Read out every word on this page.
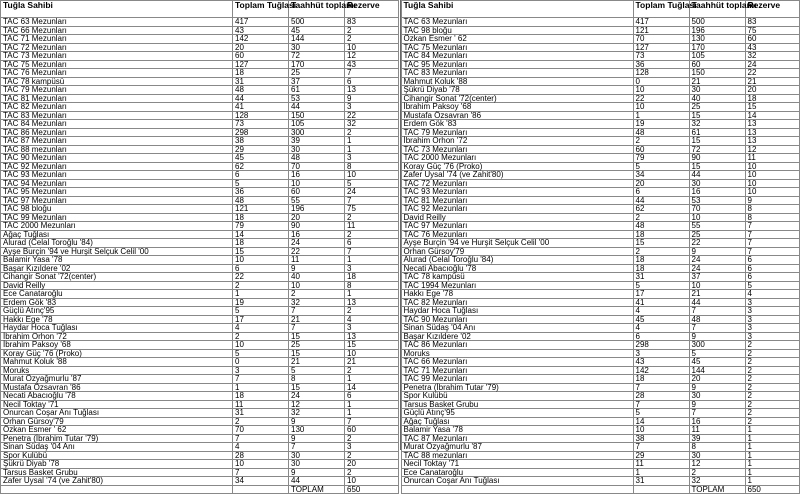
Tuğla Sahibi	Toplam Tuğlası	Taahhüt toplamı	Rezerve
TAC 63 Mezunları	417	500	83
TAC 66 Mezunları	43	45	2
TAC 71 Mezunları	142	144	2
TAC 72 Mezunları	20	30	10
TAC 73 Mezunları	60	72	12
TAC 75 Mezunları	127	170	43
TAC 76 Mezunları	18	25	7
TAC 78 kampüsü	31	37	6
TAC 79 Mezunları	48	61	13
TAC 81 Mezunları	44	53	9
TAC 82 Mezunları	41	44	3
TAC 83 Mezunları	128	150	22
TAC 84 Mezunları	73	105	32
TAC 86 Mezunları	298	300	2
TAC 87 Mezunları	38	39	1
TAC 88 mezunları	29	30	1
TAC 90 Mezunları	45	48	3
TAC 92 Mezunları	62	70	8
TAC 93 Mezunları	6	16	10
TAC 94 Mezunları	5	10	5
TAC 95 Mezunları	36	60	24
TAC 97 Mezunları	48	55	7
TAC 98 bloğu	121	196	75
TAC 99 Mezunları	18	20	2
TAC 2000 Mezunları	79	90	11
Ağaç Tuğlası	14	16	2
Alurad (Celal Toroğlu '84)	18	24	6
Ayşe Burçin '94 ve Hurşit Selçuk Celil '00	15	22	7
Balamir Yasa '78	10	11	1
Başar Kızıldere '02	6	9	3
Cihangir Sonat '72(center)	22	40	18
David Reilly	2	10	8
Ece Canataroğlu	1	2	1
Erdem Gök '83	19	32	13
Güçlü Atınç'95	5	7	2
Hakkı Ege '78	17	21	4
Haydar Hoca Tuğlası	4	7	3
İbrahim Orhon '72	2	15	13
İbrahim Paksoy '68	10	25	15
Koray Güç '76 (Proko)	5	15	10
Mahmut Koluk '88	0	21	21
Moruks	3	5	2
Murat Özyağmurlu '87	7	8	1
Mustafa Özsavran '86	1	15	14
Necati Abacıoğlu '78	18	24	6
Necil Toktay '71	11	12	1
Onurcan Coşar Anı Tuğlası	31	32	1
Orhan Gürsoy'79	2	9	7
Özkan Esmer ' 62	70	130	60
Penetra (İbrahim Tutar '79)	7	9	2
Sinan Südaş '04 Anı	4	7	3
Spor Kulübü	28	30	2
Şükrü Diyab '78	10	30	20
Tarsus Basket Grubu	7	9	2
Zafer Uysal '74 (ve Zahit'80)	34	44	10
		TOPLAM	650
Tuğla Sahibi	Toplam Tuğlası	Taahhüt toplamı	Rezerve
TAC 63 Mezunları	417	500	83
TAC 98 bloğu	121	196	75
Özkan Esmer ' 62	70	130	60
TAC 75 Mezunları	127	170	43
TAC 84 Mezunları	73	105	32
TAC 95 Mezunları	36	60	24
TAC 83 Mezunları	128	150	22
Mahmut Koluk '88	0	21	21
Şükrü Diyab '78	10	30	20
Cihangir Sonat '72(center)	22	40	18
İbrahim Paksoy '68	10	25	15
Mustafa Özsavran '86	1	15	14
Erdem Gök '83	19	32	13
TAC 79 Mezunları	48	61	13
İbrahim Orhon '72	2	15	13
TAC 73 Mezunları	60	72	12
TAC 2000 Mezunları	79	90	11
Koray Güç '76 (Proko)	5	15	10
Zafer Uysal '74 (ve Zahit'80)	34	44	10
TAC 72 Mezunları	20	30	10
TAC 93 Mezunları	6	16	10
TAC 81 Mezunları	44	53	9
TAC 92 Mezunları	62	70	8
David Reilly	2	10	8
TAC 97 Mezunları	48	55	7
TAC 76 Mezunları	18	25	7
Ayşe Burçin '94 ve Hurşit Selçuk Celil '00	15	22	7
Orhan Gürsoy'79	2	9	7
Alurad (Celal Toroğlu '84)	18	24	6
Necati Abacıoğlu '78	18	24	6
TAC 78 kampüsü	31	37	6
TAC 1994 Mezunları	5	10	5
Hakkı Ege '78	17	21	4
TAC 82 Mezunları	41	44	3
Haydar Hoca Tuğlası	4	7	3
TAC 90 Mezunları	45	48	3
Sinan Südaş '04 Anı	4	7	3
Başar Kızıldere '02	6	9	3
TAC 86 Mezunları	298	300	2
Moruks	3	5	2
TAC 66 Mezunları	43	45	2
TAC 71 Mezunları	142	144	2
TAC 99 Mezunları	18	20	2
Penetra (İbrahim Tutar '79)	7	9	2
Spor Kulübü	28	30	2
Tarsus Basket Grubu	7	9	2
Güçlü Atınç'95	5	7	2
Ağaç Tuğlası	14	16	2
Balamir Yasa '78	10	11	1
TAC 87 Mezunları	38	39	1
Murat Özyağmurlu '87	7	8	1
TAC 88 mezunları	29	30	1
Necil Toktay '71	11	12	1
Ece Canataroğlu	1	2	1
Onurcan Coşar Anı Tuğlası	31	32	1
		TOPLAM	650
